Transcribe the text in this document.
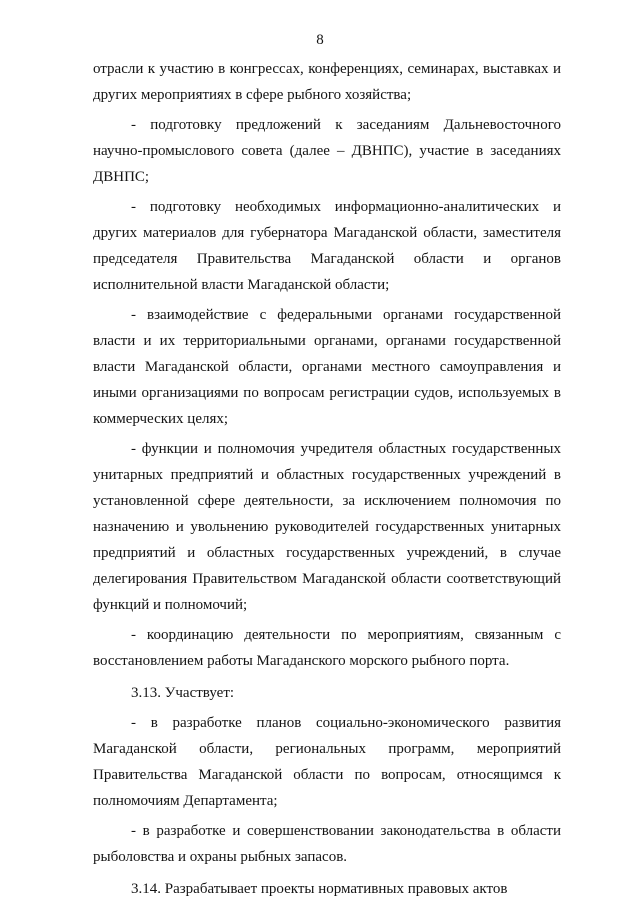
8

отрасли к участию в конгрессах, конференциях, семинарах, выставках и других мероприятиях в сфере рыбного хозяйства;

- подготовку предложений к заседаниям Дальневосточного научно-промыслового совета (далее – ДВНПС), участие в заседаниях ДВНПС;

- подготовку необходимых информационно-аналитических и других материалов для губернатора Магаданской области, заместителя председателя Правительства Магаданской области и органов исполнительной власти Магаданской области;

- взаимодействие с федеральными органами государственной власти и их территориальными органами, органами государственной власти Магаданской области, органами местного самоуправления и иными организациями по вопросам регистрации судов, используемых в коммерческих целях;

- функции и полномочия учредителя областных государственных унитарных предприятий и областных государственных учреждений в установленной сфере деятельности, за исключением полномочия по назначению и увольнению руководителей государственных унитарных предприятий и областных государственных учреждений, в случае делегирования Правительством Магаданской области соответствующий функций и полномочий;

- координацию деятельности по мероприятиям, связанным с восстановлением работы Магаданского морского рыбного порта.

3.13. Участвует:

- в разработке планов социально-экономического развития Магаданской области, региональных программ, мероприятий Правительства Магаданской области по вопросам, относящимся к полномочиям Департамента;

- в разработке и совершенствовании законодательства в области рыболовства и охраны рыбных запасов.

3.14. Разрабатывает проекты нормативных правовых актов
